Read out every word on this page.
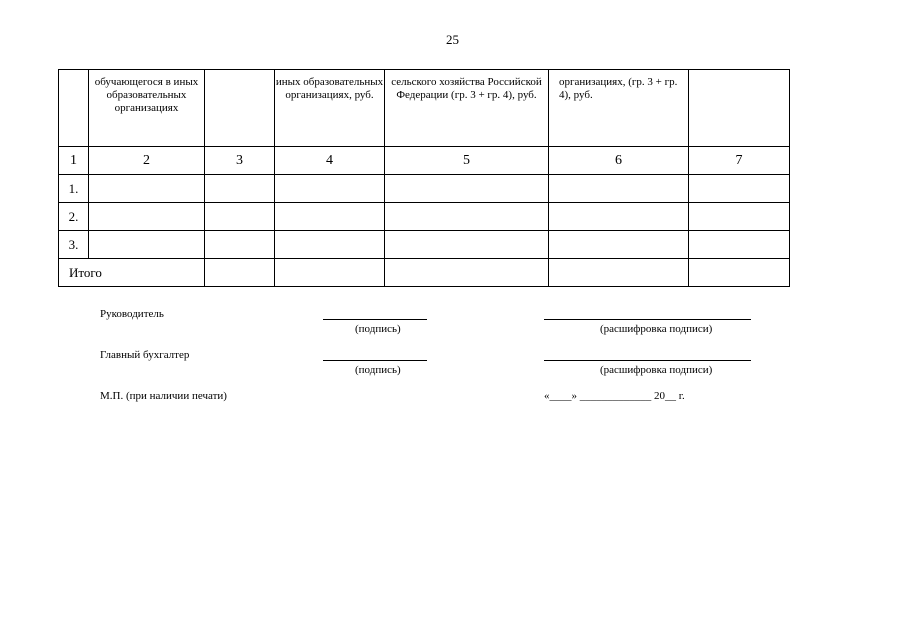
25
	обучающегося в иных образовательных организациях		иных образовательных организациях, руб.	сельского хозяйства Российской Федерации (гр. 3 + гр. 4), руб.	организациях, (гр. 3 + гр. 4), руб.	
1	2	3	4	5	6	7
1.						
2.						
3.						
Итого						
Руководитель
(подпись)	(расшифровка подписи)
Главный бухгалтер
(подпись)	(расшифровка подписи)
М.П. (при наличии печати)	«____» _____________ 20__ г.
